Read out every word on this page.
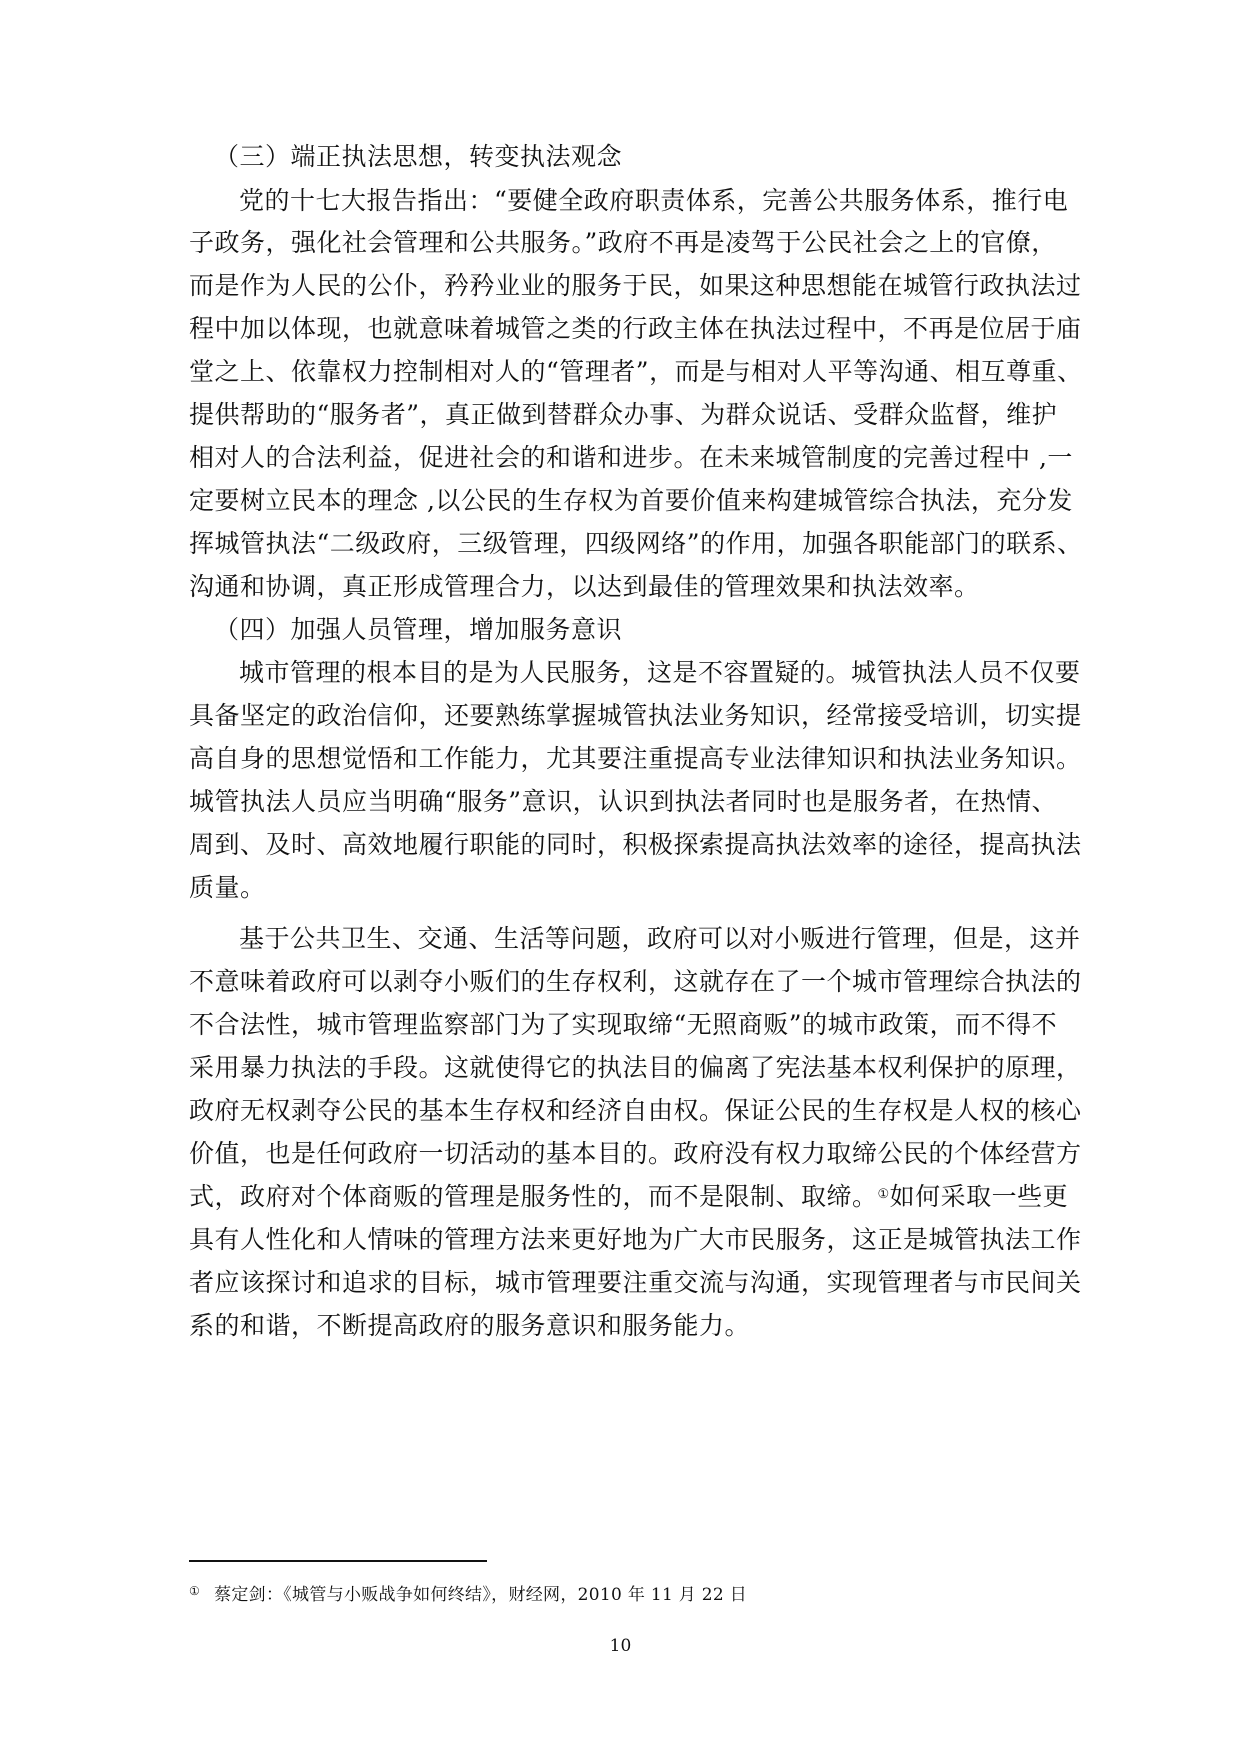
（三）端正执法思想，转变执法观念
党的十七大报告指出：“要健全政府职责体系，完善公共服务体系，推行电
子政务，强化社会管理和公共服务。”政府不再是凌驾于公民社会之上的官僚，
而是作为人民的公仆，矜矜业业的服务于民，如果这种思想能在城管行政执法过
程中加以体现，也就意味着城管之类的行政主体在执法过程中，不再是位居于庙
堂之上、依靠权力控制相对人的“管理者”，而是与相对人平等沟通、相互尊重、
提供帮助的“服务者”，真正做到替群众办事、为群众说话、受群众监督，维护
相对人的合法利益，促进社会的和谐和进步。在未来城管制度的完善过程中 ,一
定要树立民本的理念 ,以公民的生存权为首要价值来构建城管综合执法，充分发
挥城管执法“二级政府，三级管理，四级网络”的作用，加强各职能部门的联系、
沟通和协调，真正形成管理合力，以达到最佳的管理效果和执法效率。
（四）加强人员管理，增加服务意识
城市管理的根本目的是为人民服务，这是不容置疑的。城管执法人员不仅要
具备坚定的政治信仰，还要熟练掌握城管执法业务知识，经常接受培训，切实提
高自身的思想觉悟和工作能力，尤其要注重提高专业法律知识和执法业务知识。
城管执法人员应当明确“服务”意识，认识到执法者同时也是服务者，在热情、
周到、及时、高效地履行职能的同时，积极探索提高执法效率的途径，提高执法
质量。
基于公共卫生、交通、生活等问题，政府可以对小贩进行管理，但是，这并
不意味着政府可以剥夺小贩们的生存权利，这就存在了一个城市管理综合执法的
不合法性，城市管理监察部门为了实现取缔“无照商贩”的城市政策，而不得不
采用暴力执法的手段。这就使得它的执法目的偏离了宪法基本权利保护的原理，
政府无权剥夺公民的基本生存权和经济自由权。保证公民的生存权是人权的核心
价值，也是任何政府一切活动的基本目的。政府没有权力取缔公民的个体经营方
式，政府对个体商贩的管理是服务性的，而不是限制、取缔。①如何采取一些更
具有人性化和人情味的管理方法来更好地为广大市民服务，这正是城管执法工作
者应该探讨和追求的目标，城市管理要注重交流与沟通，实现管理者与市民间关
系的和谐，不断提高政府的服务意识和服务能力。
① 蔡定剑：《城管与小贩战争如何终结》，财经网，2010 年 11 月 22 日
10
